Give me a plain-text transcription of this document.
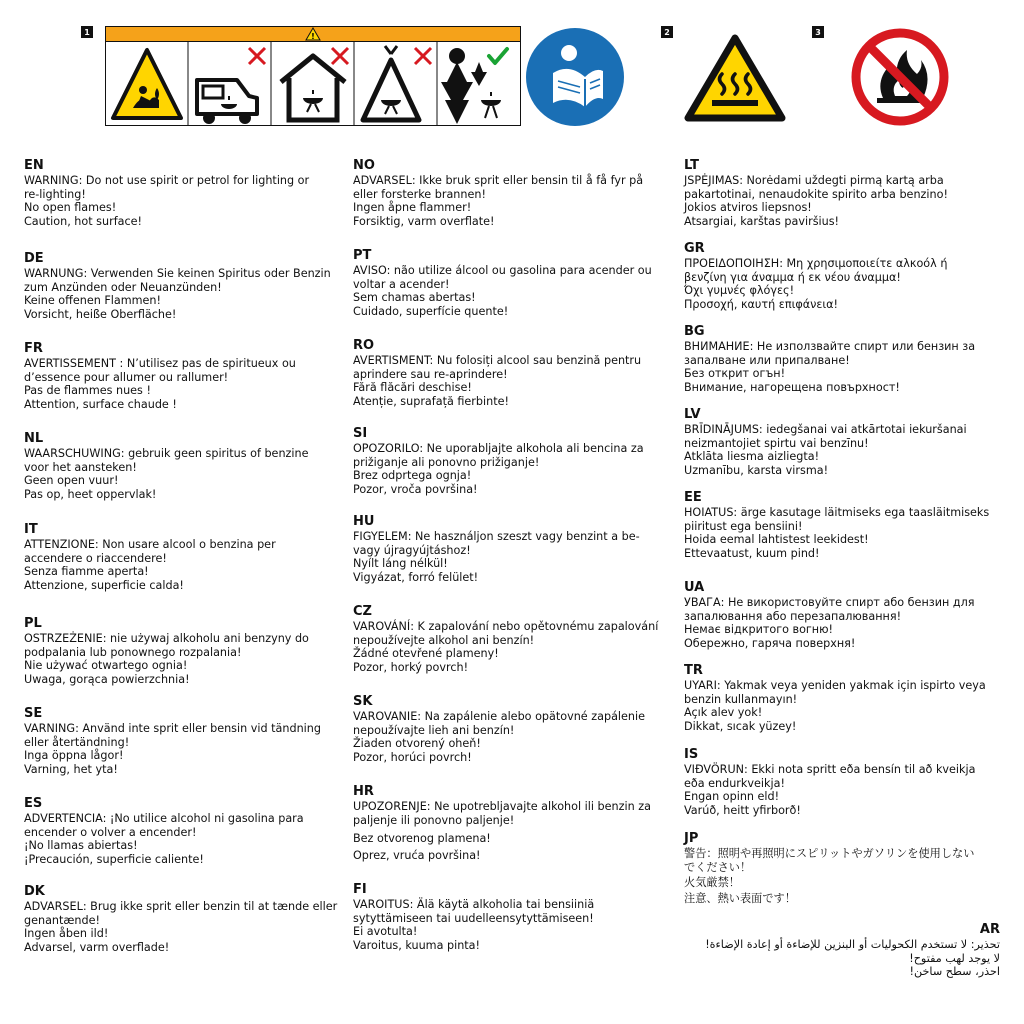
1	!	2	3
EN
WARNING: Do not use spirit or petrol for lighting or
re-lighting!
No open flames!
Caution, hot surface!
DE
WARNUNG: Verwenden Sie keinen Spiritus oder Benzin
zum Anzünden oder Neuanzünden!
Keine offenen Flammen!
Vorsicht, heiße Oberfläche!
FR
AVERTISSEMENT : N’utilisez pas de spiritueux ou
d’essence pour allumer ou rallumer!
Pas de flammes nues !
Attention, surface chaude !
NL
WAARSCHUWING: gebruik geen spiritus of benzine
voor het aansteken!
Geen open vuur!
Pas op, heet oppervlak!
IT
ATTENZIONE: Non usare alcool o benzina per
accendere o riaccendere!
Senza fiamme aperta!
Attenzione, superficie calda!
PL
OSTRZEŻENIE: nie używaj alkoholu ani benzyny do
podpalania lub ponownego rozpalania!
Nie używać otwartego ognia!
Uwaga, gorąca powierzchnia!
SE
VARNING: Använd inte sprit eller bensin vid tändning
eller återtändning!
Inga öppna lågor!
Varning, het yta!
ES
ADVERTENCIA: ¡No utilice alcohol ni gasolina para
encender o volver a encender!
¡No llamas abiertas!
¡Precaución, superficie caliente!
DK
ADVARSEL: Brug ikke sprit eller benzin til at tænde eller
genantænde!
Ingen åben ild!
Advarsel, varm overflade!
NO
ADVARSEL: Ikke bruk sprit eller bensin til å få fyr på
eller forsterke brannen!
Ingen åpne flammer!
Forsiktig, varm overflate!
PT
AVISO: não utilize álcool ou gasolina para acender ou
voltar a acender!
Sem chamas abertas!
Cuidado, superfície quente!
RO
AVERTISMENT: Nu folosiți alcool sau benzină pentru
aprindere sau re-aprindere!
Fără flăcări deschise!
Atenție, suprafață fierbinte!
SI
OPOZORILO: Ne uporabljajte alkohola ali bencina za
prižiganje ali ponovno prižiganje!
Brez odprtega ognja!
Pozor, vroča površina!
HU
FIGYELEM: Ne használjon szeszt vagy benzint a be-
vagy újragyújtáshoz!
Nyílt láng nélkül!
Vigyázat, forró felület!
CZ
VAROVÁNÍ: K zapalování nebo opětovnému zapalování
nepoužívejte alkohol ani benzín!
Žádné otevřené plameny!
Pozor, horký povrch!
SK
VAROVANIE: Na zapálenie alebo opätovné zapálenie
nepoužívajte lieh ani benzín!
Žiaden otvorený oheň!
Pozor, horúci povrch!
HR
UPOZORENJE: Ne upotrebljavajte alkohol ili benzin za
paljenje ili ponovno paljenje!
Bez otvorenog plamena!
Oprez, vruća površina!
FI
VAROITUS: Älä käytä alkoholia tai bensiiniä
sytyttämiseen tai uudelleensytyttämiseen!
Ei avotulta!
Varoitus, kuuma pinta!
LT
JSPĖJIMAS: Norėdami uždegti pirmą kartą arba
pakartotinai, nenaudokite spirito arba benzino!
Jokios atviros liepsnos!
Atsargiai, karštas paviršius!
GR
ΠΡΟΕΙΔΟΠΟΙΗΣΗ: Μη χρησιμοποιείτε αλκοόλ ή
βενζίνη για άναμμα ή εκ νέου άναμμα!
Όχι γυμνές φλόγες!
Προσοχή, καυτή επιφάνεια!
BG
ВНИМАНИЕ: Не използвайте спирт или бензин за
запалване или припалване!
Без открит огън!
Внимание, нагорещена повърхност!
LV
BRĪDINĀJUMS: iedegšanai vai atkārtotai iekuršanai
neizmantojiet spirtu vai benzīnu!
Atklāta liesma aizliegta!
Uzmanību, karsta virsma!
EE
HOIATUS: ärge kasutage läitmiseks ega taasläitmiseks
piiritust ega bensiini!
Hoida eemal lahtistest leekidest!
Ettevaatust, kuum pind!
UA
УВАГА: Не використовуйте спирт або бензин для
запалювання або перезапалювання!
Немає відкритого вогню!
Обережно, гаряча поверхня!
TR
UYARI: Yakmak veya yeniden yakmak için ispirto veya
benzin kullanmayın!
Açık alev yok!
Dikkat, sıcak yüzey!
IS
VIÐVÖRUN: Ekki nota spritt eða bensín til að kveikja
eða endurkveikja!
Engan opinn eld!
Varúð, heitt yfirborð!
JP
警告：照明や再照明にスピリットやガソリンを使用しない
でください！
火気厳禁！
注意、熱い表面です！
AR
تحذير: لا تستخدم الكحوليات أو البنزين للإضاءة أو إعادة الإضاءة!
لا يوجد لهب مفتوح!
احذر، سطح ساخن!
